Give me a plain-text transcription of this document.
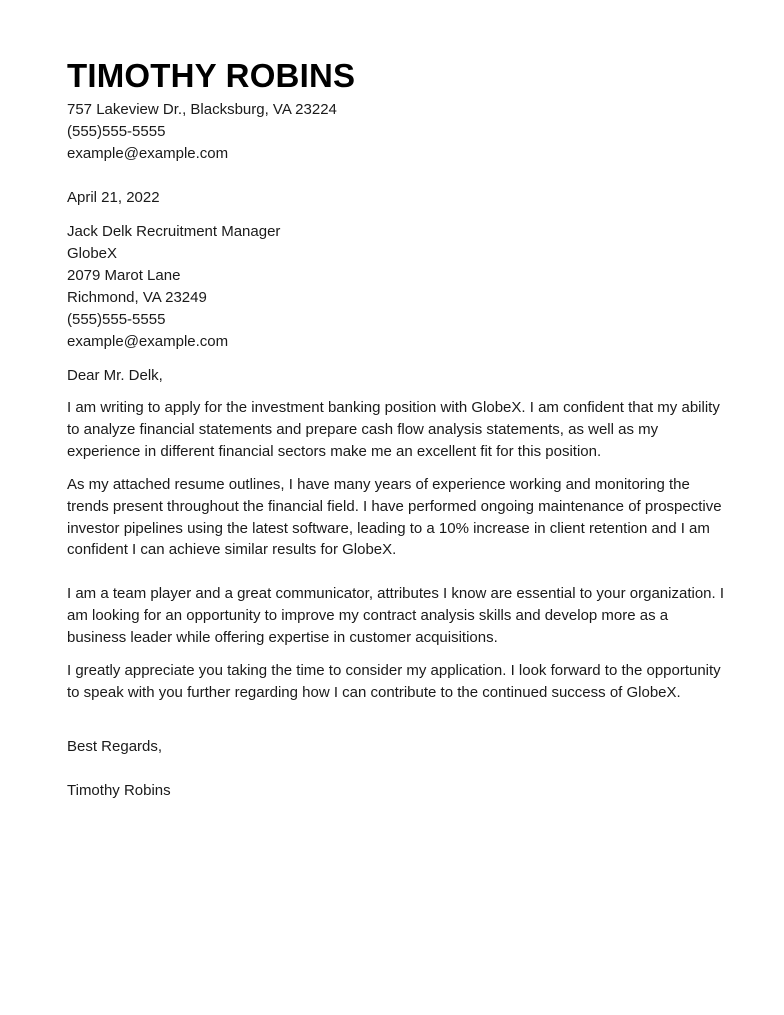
TIMOTHY ROBINS
757 Lakeview Dr., Blacksburg, VA 23224
(555)555-5555
example@example.com
April 21, 2022
Jack Delk Recruitment Manager
GlobeX
2079 Marot Lane
Richmond, VA 23249
(555)555-5555
example@example.com
Dear Mr. Delk,
I am writing to apply for the investment banking position with GlobeX. I am confident that my ability to analyze financial statements and prepare cash flow analysis statements, as well as my experience in different financial sectors make me an excellent fit for this position.
As my attached resume outlines, I have many years of experience working and monitoring the trends present throughout the financial field. I have performed ongoing maintenance of prospective investor pipelines using the latest software, leading to a 10% increase in client retention and I am confident I can achieve similar results for GlobeX.
I am a team player and a great communicator, attributes I know are essential to your organization. I am looking for an opportunity to improve my contract analysis skills and develop more as a business leader while offering expertise in customer acquisitions.
I greatly appreciate you taking the time to consider my application. I look forward to the opportunity to speak with you further regarding how I can contribute to the continued success of GlobeX.
Best Regards,
Timothy Robins
